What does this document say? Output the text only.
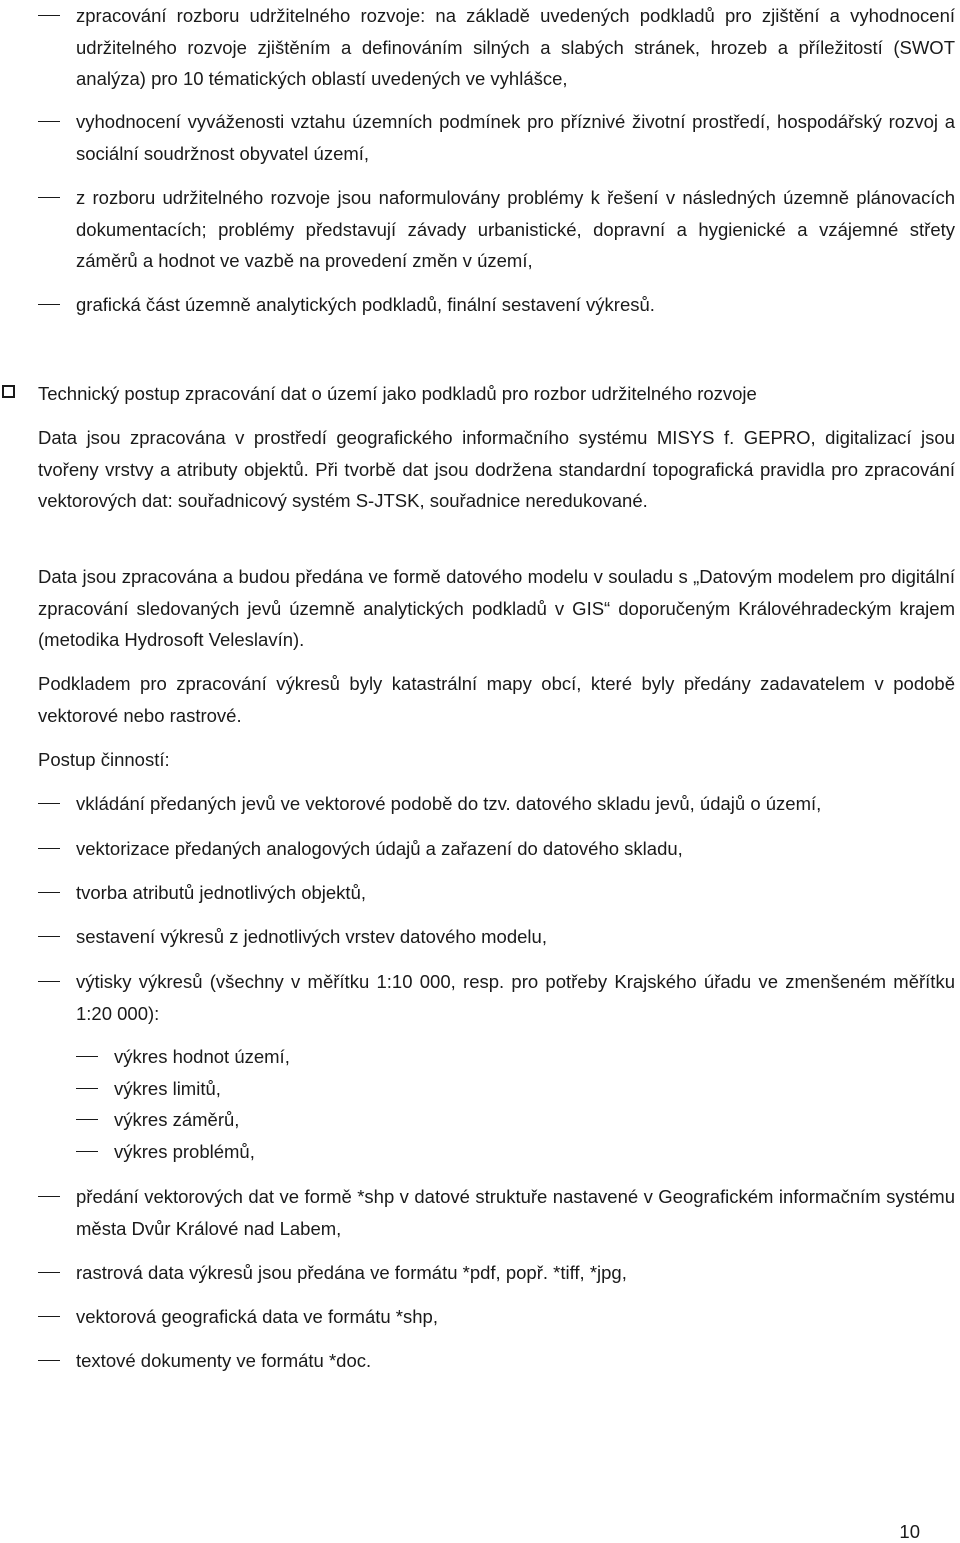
zpracování rozboru udržitelného rozvoje: na základě uvedených podkladů pro zjištění a vyhodnocení udržitelného rozvoje zjištěním a definováním silných a slabých stránek, hrozeb a příležitostí (SWOT analýza) pro 10 tématických oblastí uvedených ve vyhlášce,
vyhodnocení vyváženosti vztahu územních podmínek pro příznivé životní prostředí, hospodářský rozvoj a sociální soudržnost obyvatel území,
z rozboru udržitelného rozvoje jsou naformulovány problémy k řešení v následných územně plánovacích dokumentacích; problémy představují závady urbanistické, dopravní a hygienické a vzájemné střety záměrů a hodnot ve vazbě na provedení změn v území,
grafická část územně analytických podkladů, finální sestavení výkresů.
Technický postup zpracování dat o území jako podkladů pro rozbor udržitelného rozvoje
Data jsou zpracována v prostředí geografického informačního systému MISYS f. GEPRO, digitalizací jsou tvořeny vrstvy a atributy objektů. Při tvorbě dat jsou dodržena standardní topografická pravidla pro zpracování vektorových dat: souřadnicový systém S-JTSK, souřadnice neredukované.
Data jsou zpracována a budou předána ve formě datového modelu v souladu s „Datovým modelem pro digitální zpracování sledovaných jevů územně analytických podkladů v GIS“ doporučeným Královéhradeckým krajem (metodika Hydrosoft Veleslavín).
Podkladem pro zpracování výkresů byly katastrální mapy obcí, které byly předány zadavatelem v podobě vektorové nebo rastrové.
Postup činností:
vkládání předaných jevů ve vektorové podobě do tzv. datového skladu jevů, údajů o území,
vektorizace předaných analogových údajů a zařazení do datového skladu,
tvorba atributů jednotlivých objektů,
sestavení výkresů z jednotlivých vrstev datového modelu,
výtisky výkresů (všechny v měřítku 1:10 000, resp. pro potřeby Krajského úřadu ve zmenšeném měřítku 1:20 000):
výkres hodnot území,
výkres limitů,
výkres záměrů,
výkres problémů,
předání vektorových dat ve formě *shp v datové struktuře nastavené v Geografickém informačním systému města Dvůr Králové nad Labem,
rastrová data výkresů jsou předána ve formátu *pdf, popř. *tiff, *jpg,
vektorová geografická data ve formátu *shp,
textové dokumenty ve formátu *doc.
10
